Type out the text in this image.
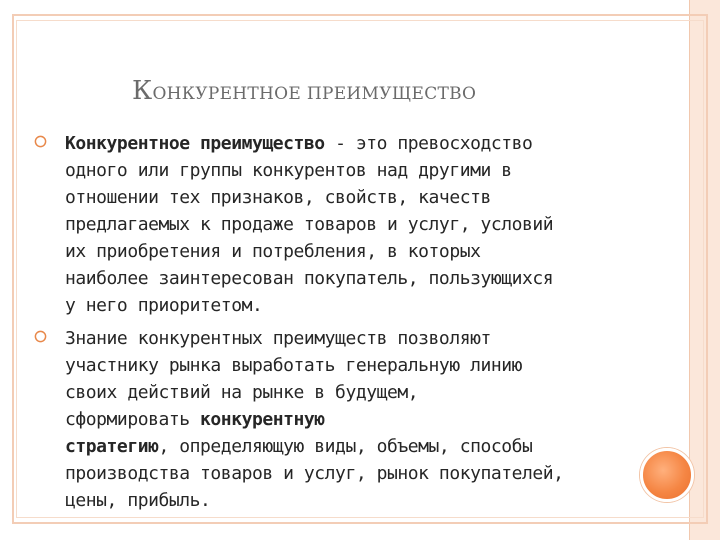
КОНКУРЕНТНОЕ ПРЕИМУЩЕСТВО
Конкурентное преимущество - это превосходство
одного или группы конкурентов над другими в
отношении тех признаков, свойств, качеств
предлагаемых к продаже товаров и услуг, условий
их приобретения и потребления, в которых
наиболее заинтересован покупатель, пользующихся
у него приоритетом.
Знание конкурентных преимуществ позволяют
участнику рынка выработать генеральную линию
своих действий на рынке в будущем,
сформировать конкурентную
стратегию, определяющую виды, объемы, способы
производства товаров и услуг, рынок покупателей,
цены, прибыль.
